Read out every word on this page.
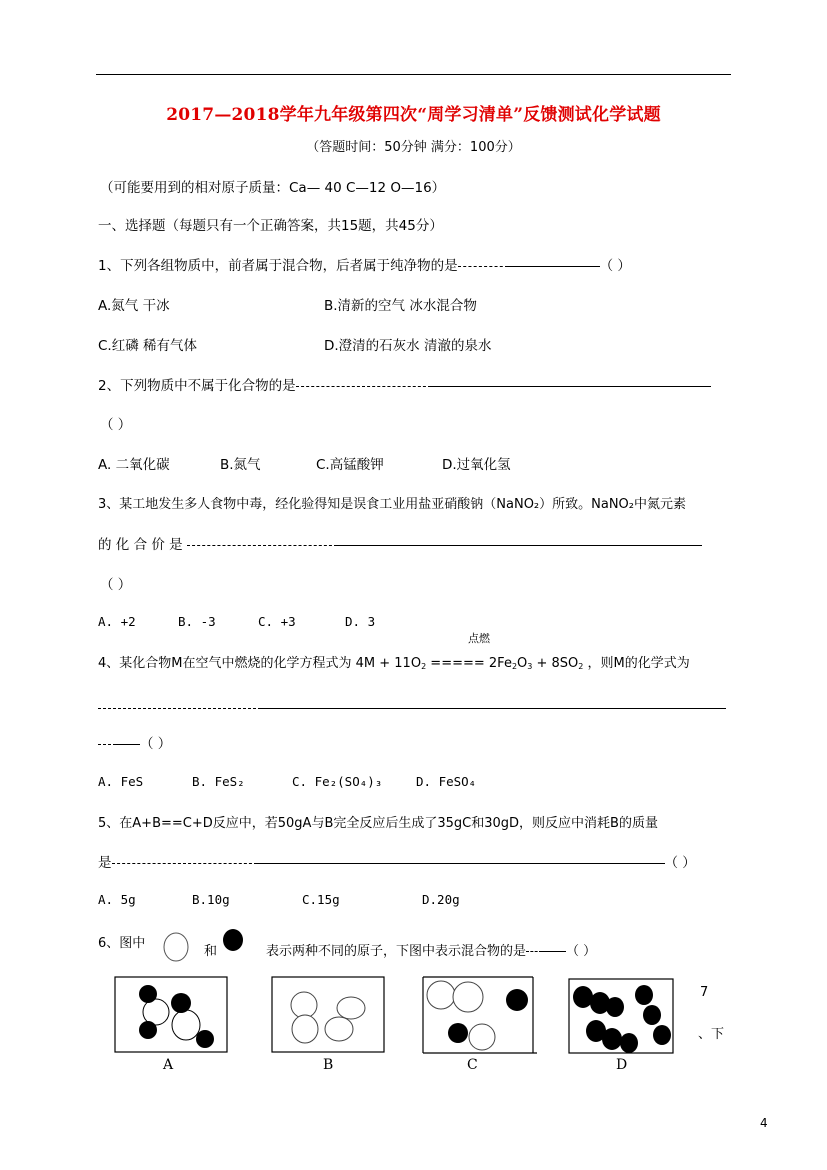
2017—2018学年九年级第四次“周学习清单”反馈测试化学试题
（答题时间：50分钟 满分：100分）
（可能要用到的相对原子质量：Ca— 40 C—12 O—16）
一、选择题（每题只有一个正确答案，共15题，共45分）
1、下列各组物质中，前者属于混合物，后者属于纯净物的是	（ ）
A.氮气 干冰	B.清新的空气 冰水混合物
C.红磷 稀有气体	D.澄清的石灰水 清澈的泉水
2、下列物质中不属于化合物的是
（ ）
A. 二氧化碳	B.氮气	C.高锰酸钾	D.过氧化氢
3、某工地发生多人食物中毒，经化验得知是误食工业用盐亚硝酸钠（NaNO₂）所致。NaNO₂中氮元素
的 化 合 价 是
（ ）
A. +2	B. -3	C. +3	D. 3
点燃
4、某化合物M在空气中燃烧的化学方程式为 $4M + 11O_2$ ===== $2Fe_2O_3 + 8SO_2$ ，则M的化学式为
（ ）
A. FeS	B. FeS₂	C. Fe₂(SO₄)₃	D. FeSO₄
5、在A+B==C+D反应中，若50gA与B完全反应后生成了35gC和30gD，则反应中消耗B的质量
是	（ ）
A. 5g	B.10g	C.15g	D.20g
6、图中
和	表示两种不同的原子，下图中表示混合物的是	（ ）
A	B	C	D
7
、下
4
